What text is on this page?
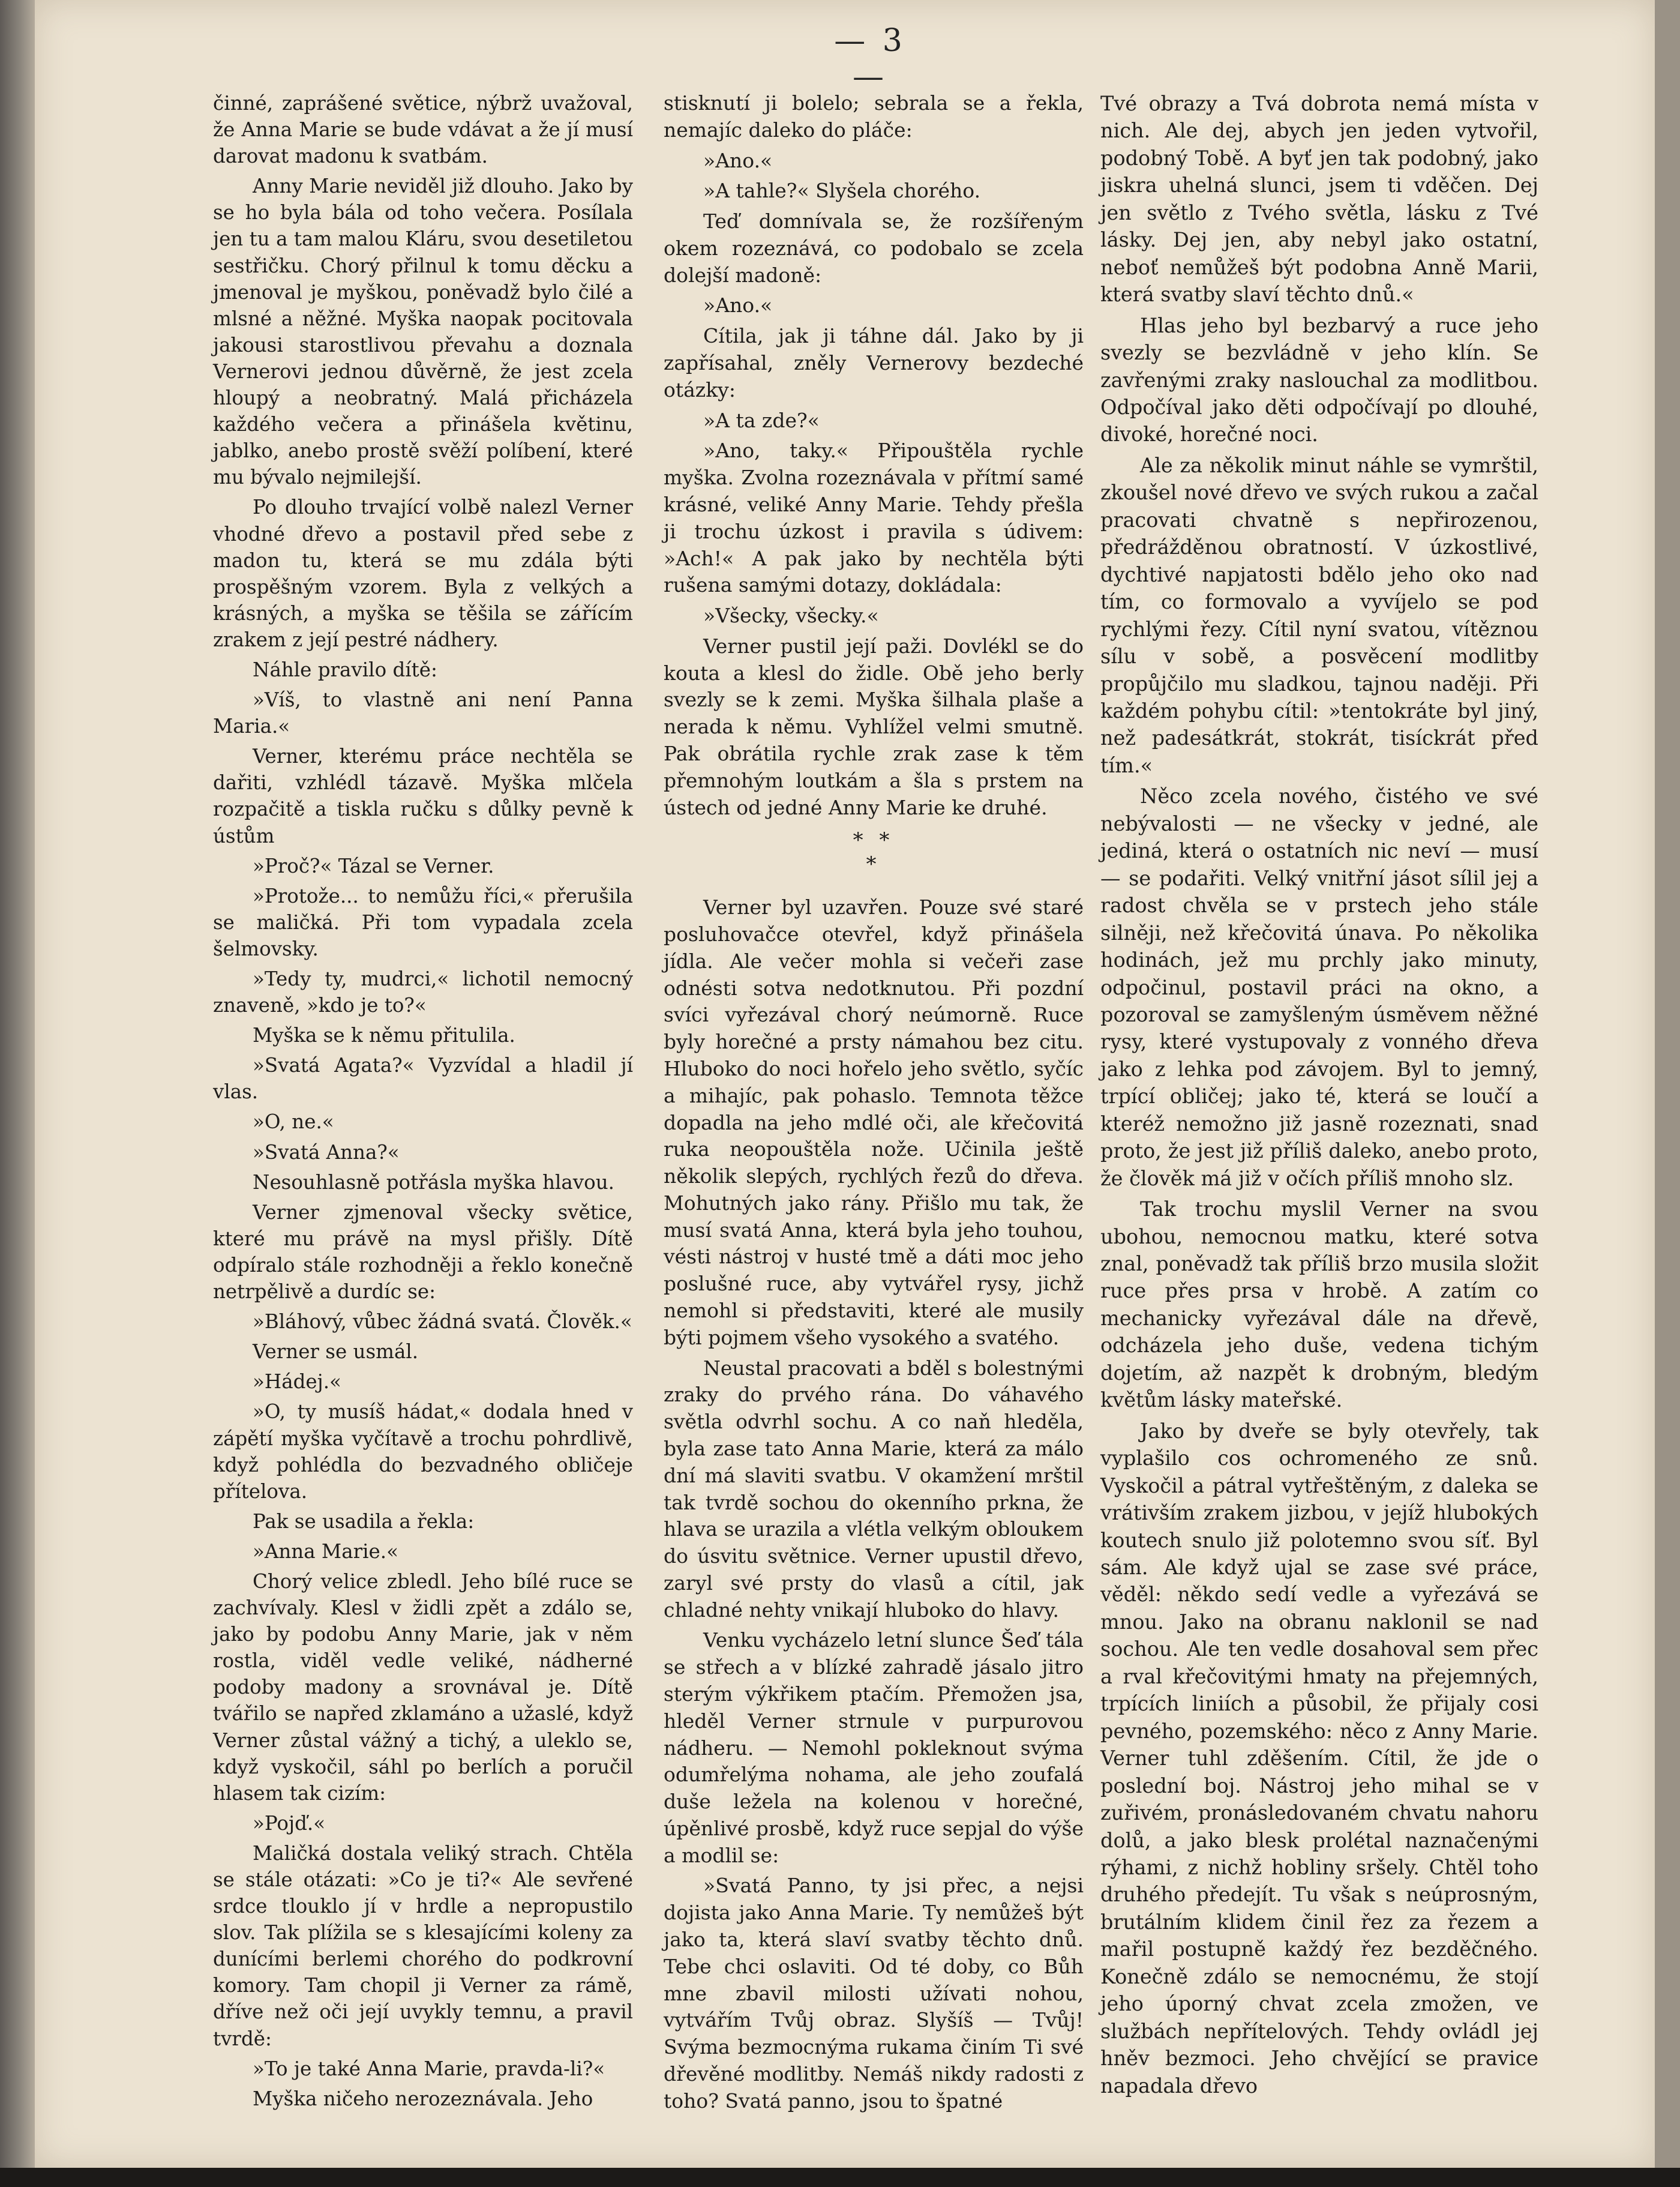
— 3 —

činné, zaprášené světice, nýbrž uvažoval, že Anna Marie se bude vdávat a že jí musí darovat madonu k svatbám.

Anny Marie neviděl již dlouho. Jako by se ho byla bála od toho večera. Posílala jen tu a tam malou Kláru, svou desetiletou sestřičku. Chorý přilnul k tomu děcku a jmenoval je myškou, poněvadž bylo čilé a mlsné a něžné. Myška naopak pocitovala jakousi starostlivou převahu a doznala Vernerovi jednou důvěrně, že jest zcela hloupý a neobratný. Malá přicházela každého večera a přinášela květinu, jablko, anebo prostě svěží políbení, které mu bývalo nejmilejší.

Po dlouho trvající volbě nalezl Verner vhodné dřevo a postavil před sebe z madon tu, která se mu zdála býti prospěšným vzorem. Byla z velkých a krásných, a myška se těšila se zářícím zrakem z její pestré nádhery.

Náhle pravilo dítě:

»Víš, to vlastně ani není Panna Maria.«

Verner, kterému práce nechtěla se dařiti, vzhlédl tázavě. Myška mlčela rozpačitě a tiskla ručku s důlky pevně k ústům

»Proč?« Tázal se Verner.

»Protože... to nemůžu říci,« přerušila se maličká. Při tom vypadala zcela šelmovsky.

»Tedy ty, mudrci,« lichotil nemocný znaveně, »kdo je to?«

Myška se k němu přitulila.

»Svatá Agata?« Vyzvídal a hladil jí vlas.

»O, ne.«

»Svatá Anna?«

Nesouhlasně potřásla myška hlavou.

Verner zjmenoval všecky světice, které mu právě na mysl přišly. Dítě odpíralo stále rozhodněji a řeklo konečně netrpělivě a durdíc se:

»Bláhový, vůbec žádná svatá. Člověk.«

Verner se usmál.

»Hádej.«

»O, ty musíš hádat,« dodala hned v zápětí myška vyčítavě a trochu pohrdlivě, když pohlédla do bezvadného obličeje přítelova.

Pak se usadila a řekla:

»Anna Marie.«

Chorý velice zbledl. Jeho bílé ruce se zachvívaly. Klesl v židli zpět a zdálo se, jako by podobu Anny Marie, jak v něm rostla, viděl vedle veliké, nádherné podoby madony a srovnával je. Dítě tvářilo se napřed zklamáno a užaslé, když Verner zůstal vážný a tichý, a uleklo se, když vyskočil, sáhl po berlích a poručil hlasem tak cizím:

»Pojď.«

Maličká dostala veliký strach. Chtěla se stále otázati: »Co je ti?« Ale sevřené srdce tlouklo jí v hrdle a nepropustilo slov. Tak plížila se s klesajícími koleny za dunícími berlemi chorého do podkrovní komory. Tam chopil ji Verner za rámě, dříve než oči její uvykly temnu, a pravil tvrdě:

»To je také Anna Marie, pravda-li?«

Myška ničeho nerozeznávala. Jeho

stisknutí ji bolelo; sebrala se a řekla, nemajíc daleko do pláče:

»Ano.«

»A tahle?« Slyšela chorého.

Teď domnívala se, že rozšířeným okem rozeznává, co podobalo se zcela dolejší madoně:

»Ano.«

Cítila, jak ji táhne dál. Jako by ji zapřísahal, zněly Vernerovy bezdeché otázky:

»A ta zde?«

»Ano, taky.« Připouštěla rychle myška. Zvolna rozeznávala v přítmí samé krásné, veliké Anny Marie. Tehdy přešla ji trochu úzkost i pravila s údivem: »Ach!« A pak jako by nechtěla býti rušena samými dotazy, dokládala:

»Všecky, všecky.«

Verner pustil její paži. Dovlékl se do kouta a klesl do židle. Obě jeho berly svezly se k zemi. Myška šilhala plaše a nerada k němu. Vyhlížel velmi smutně. Pak obrátila rychle zrak zase k těm přemnohým loutkám a šla s prstem na ústech od jedné Anny Marie ke druhé.

* *
*

Verner byl uzavřen. Pouze své staré posluhovačce otevřel, když přinášela jídla. Ale večer mohla si večeři zase odnésti sotva nedotknutou. Při pozdní svíci vyřezával chorý neúmorně. Ruce byly horečné a prsty námahou bez citu. Hluboko do noci hořelo jeho světlo, syčíc a mihajíc, pak pohaslo. Temnota těžce dopadla na jeho mdlé oči, ale křečovitá ruka neopouštěla nože. Učinila ještě několik slepých, rychlých řezů do dřeva. Mohutných jako rány. Přišlo mu tak, že musí svatá Anna, která byla jeho touhou, vésti nástroj v husté tmě a dáti moc jeho poslušné ruce, aby vytvářel rysy, jichž nemohl si představiti, které ale musily býti pojmem všeho vysokého a svatého.

Neustal pracovati a bděl s bolestnými zraky do prvého rána. Do váhavého světla odvrhl sochu. A co naň hleděla, byla zase tato Anna Marie, která za málo dní má slaviti svatbu. V okamžení mrštil tak tvrdě sochou do okenního prkna, že hlava se urazila a vlétla velkým obloukem do úsvitu světnice. Verner upustil dřevo, zaryl své prsty do vlasů a cítil, jak chladné nehty vnikají hluboko do hlavy.

Venku vycházelo letní slunce Šeď tála se střech a v blízké zahradě jásalo jitro sterým výkřikem ptačím. Přemožen jsa, hleděl Verner strnule v purpurovou nádheru. — Nemohl pokleknout svýma odumřelýma nohama, ale jeho zoufalá duše ležela na kolenou v horečné, úpěnlivé prosbě, když ruce sepjal do výše a modlil se:

»Svatá Panno, ty jsi přec, a nejsi dojista jako Anna Marie. Ty nemůžeš být jako ta, která slaví svatby těchto dnů. Tebe chci oslaviti. Od té doby, co Bůh mne zbavil milosti užívati nohou, vytvářím Tvůj obraz. Slyšíš — Tvůj! Svýma bezmocnýma rukama činím Ti své dřevěné modlitby. Nemáš nikdy radosti z toho? Svatá panno, jsou to špatné

Tvé obrazy a Tvá dobrota nemá místa v nich. Ale dej, abych jen jeden vytvořil, podobný Tobě. A byť jen tak podobný, jako jiskra uhelná slunci, jsem ti vděčen. Dej jen světlo z Tvého světla, lásku z Tvé lásky. Dej jen, aby nebyl jako ostatní, neboť nemůžeš být podobna Anně Marii, která svatby slaví těchto dnů.«

Hlas jeho byl bezbarvý a ruce jeho svezly se bezvládně v jeho klín. Se zavřenými zraky naslouchal za modlitbou. Odpočíval jako děti odpočívají po dlouhé, divoké, horečné noci.

Ale za několik minut náhle se vymrštil, zkoušel nové dřevo ve svých rukou a začal pracovati chvatně s nepřirozenou, předrážděnou obratností. V úzkostlivé, dychtivé napjatosti bdělo jeho oko nad tím, co formovalo a vyvíjelo se pod rychlými řezy. Cítil nyní svatou, vítěznou sílu v sobě, a posvěcení modlitby propůjčilo mu sladkou, tajnou naději. Při každém pohybu cítil: »tentokráte byl jiný, než padesátkrát, stokrát, tisíckrát před tím.«

Něco zcela nového, čistého ve své nebývalosti — ne všecky v jedné, ale jediná, která o ostatních nic neví — musí — se podařiti. Velký vnitřní jásot sílil jej a radost chvěla se v prstech jeho stále silněji, než křečovitá únava. Po několika hodinách, jež mu prchly jako minuty, odpočinul, postavil práci na okno, a pozoroval se zamyšleným úsměvem něžné rysy, které vystupovaly z vonného dřeva jako z lehka pod závojem. Byl to jemný, trpící obličej; jako té, která se loučí a kteréž nemožno již jasně rozeznati, snad proto, že jest již příliš daleko, anebo proto, že člověk má již v očích příliš mnoho slz.

Tak trochu myslil Verner na svou ubohou, nemocnou matku, které sotva znal, poněvadž tak příliš brzo musila složit ruce přes prsa v hrobě. A zatím co mechanicky vyřezával dále na dřevě, odcházela jeho duše, vedena tichým dojetím, až nazpět k drobným, bledým květům lásky mateřské.

Jako by dveře se byly otevřely, tak vyplašilo cos ochromeného ze snů. Vyskočil a pátral vytřeštěným, z daleka se vrátivším zrakem jizbou, v jejíž hlubokých koutech snulo již polotemno svou síť. Byl sám. Ale když ujal se zase své práce, věděl: někdo sedí vedle a vyřezává se mnou. Jako na obranu naklonil se nad sochou. Ale ten vedle dosahoval sem přec a rval křečovitými hmaty na přejemných, trpících liniích a působil, že přijaly cosi pevného, pozemského: něco z Anny Marie. Verner tuhl zděšením. Cítil, že jde o poslední boj. Nástroj jeho mihal se v zuřivém, pronásledovaném chvatu nahoru dolů, a jako blesk prolétal naznačenými rýhami, z nichž hobliny sršely. Chtěl toho druhého předejít. Tu však s neúprosným, brutálním klidem činil řez za řezem a mařil postupně každý řez bezděčného. Konečně zdálo se nemocnému, že stojí jeho úporný chvat zcela zmožen, ve službách nepřítelových. Tehdy ovládl jej hněv bezmoci. Jeho chvějící se pravice napadala dřevo
